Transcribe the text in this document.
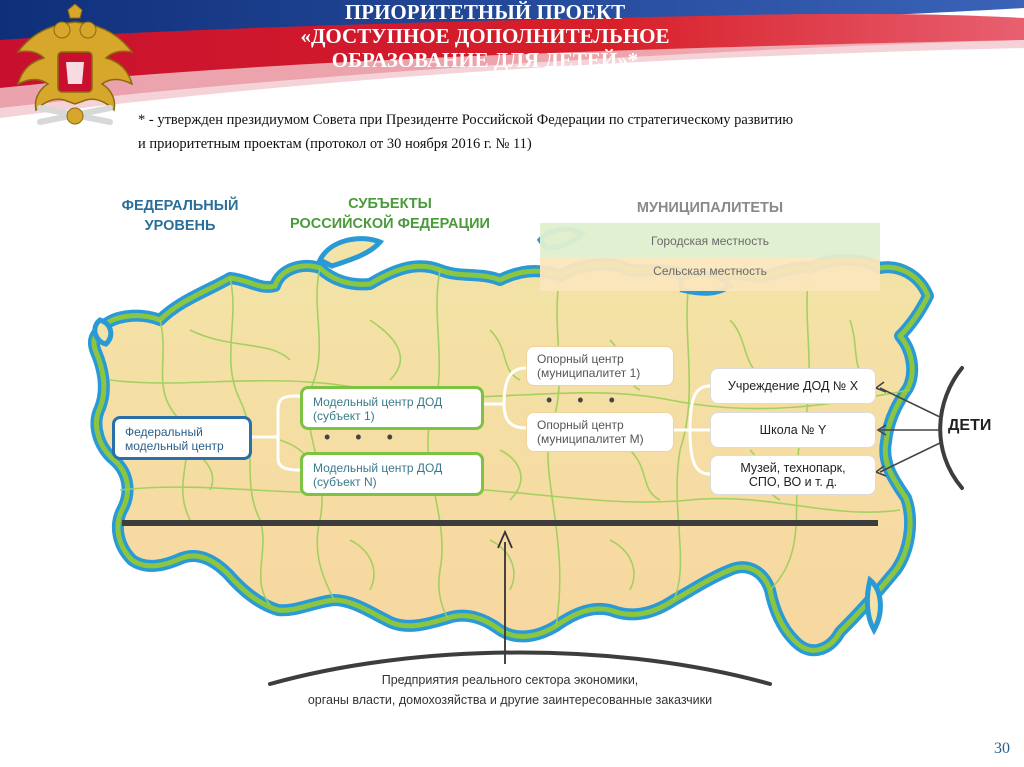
ПРИОРИТЕТНЫЙ ПРОЕКТ
«ДОСТУПНОЕ ДОПОЛНИТЕЛЬНОЕ
ОБРАЗОВАНИЕ ДЛЯ ДЕТЕЙ»*
* - утвержден президиумом Совета при Президенте Российской Федерации по стратегическому развитию
и приоритетным проектам (протокол от 30 ноября 2016 г. № 11)
ФЕДЕРАЛЬНЫЙ
УРОВЕНЬ
СУБЪЕКТЫ
РОССИЙСКОЙ ФЕДЕРАЦИИ
МУНИЦИПАЛИТЕТЫ
Городская местность
Сельская местность
Федеральный
модельный центр
Модельный центр ДОД
(субъект 1)
• • •
Модельный центр ДОД
(субъект N)
Опорный центр
(муниципалитет 1)
• • •
Опорный центр
(муниципалитет М)
Учреждение ДОД № X
Школа № Y
Музей, технопарк,
СПО, ВО и т. д.
ДЕТИ
Предприятия реального сектора экономики,
органы власти, домохозяйства и другие заинтересованные заказчики
30
